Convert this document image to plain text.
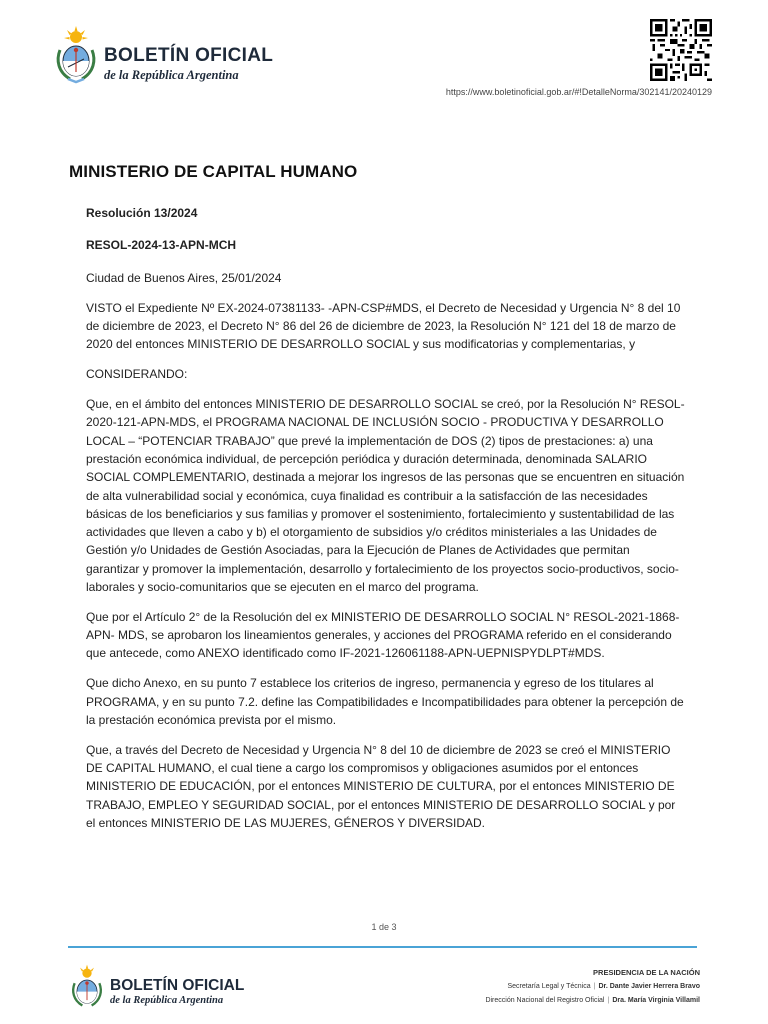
BOLETÍN OFICIAL
de la República Argentina
https://www.boletinoficial.gob.ar/#!DetalleNorma/302141/20240129
MINISTERIO DE CAPITAL HUMANO

Resolución 13/2024

RESOL-2024-13-APN-MCH

Ciudad de Buenos Aires, 25/01/2024

VISTO el Expediente Nº EX-2024-07381133- -APN-CSP#MDS, el Decreto de Necesidad y Urgencia N° 8 del 10 de diciembre de 2023, el Decreto N° 86 del 26 de diciembre de 2023, la Resolución N° 121 del 18 de marzo de 2020 del entonces MINISTERIO DE DESARROLLO SOCIAL y sus modificatorias y complementarias, y

CONSIDERANDO:

Que, en el ámbito del entonces MINISTERIO DE DESARROLLO SOCIAL se creó, por la Resolución N° RESOL-2020-121-APN-MDS, el PROGRAMA NACIONAL DE INCLUSIÓN SOCIO - PRODUCTIVA Y DESARROLLO LOCAL – “POTENCIAR TRABAJO” que prevé la implementación de DOS (2) tipos de prestaciones: a) una prestación económica individual, de percepción periódica y duración determinada, denominada SALARIO SOCIAL COMPLEMENTARIO, destinada a mejorar los ingresos de las personas que se encuentren en situación de alta vulnerabilidad social y económica, cuya finalidad es contribuir a la satisfacción de las necesidades básicas de los beneficiarios y sus familias y promover el sostenimiento, fortalecimiento y sustentabilidad de las actividades que lleven a cabo y b) el otorgamiento de subsidios y/o créditos ministeriales a las Unidades de Gestión y/o Unidades de Gestión Asociadas, para la Ejecución de Planes de Actividades que permitan garantizar y promover la implementación, desarrollo y fortalecimiento de los proyectos socio-productivos, socio-laborales y socio-comunitarios que se ejecuten en el marco del programa.

Que por el Artículo 2° de la Resolución del ex MINISTERIO DE DESARROLLO SOCIAL N° RESOL-2021-1868-APN- MDS, se aprobaron los lineamientos generales, y acciones del PROGRAMA referido en el considerando que antecede, como ANEXO identificado como IF-2021-126061188-APN-UEPNISPYDLPT#MDS.

Que dicho Anexo, en su punto 7 establece los criterios de ingreso, permanencia y egreso de los titulares al PROGRAMA, y en su punto 7.2. define las Compatibilidades e Incompatibilidades para obtener la percepción de la prestación económica prevista por el mismo.

Que, a través del Decreto de Necesidad y Urgencia N° 8 del 10 de diciembre de 2023 se creó el MINISTERIO DE CAPITAL HUMANO, el cual tiene a cargo los compromisos y obligaciones asumidos por el entonces MINISTERIO DE EDUCACIÓN, por el entonces MINISTERIO DE CULTURA, por el entonces MINISTERIO DE TRABAJO, EMPLEO Y SEGURIDAD SOCIAL, por el entonces MINISTERIO DE DESARROLLO SOCIAL y por el entonces MINISTERIO DE LAS MUJERES, GÉNEROS Y DIVERSIDAD.

1 de 3
BOLETÍN OFICIAL
de la República Argentina
PRESIDENCIA DE LA NACIÓN
Secretaría Legal y Técnica | Dr. Dante Javier Herrera Bravo
Dirección Nacional del Registro Oficial | Dra. María Virginia Villamil
